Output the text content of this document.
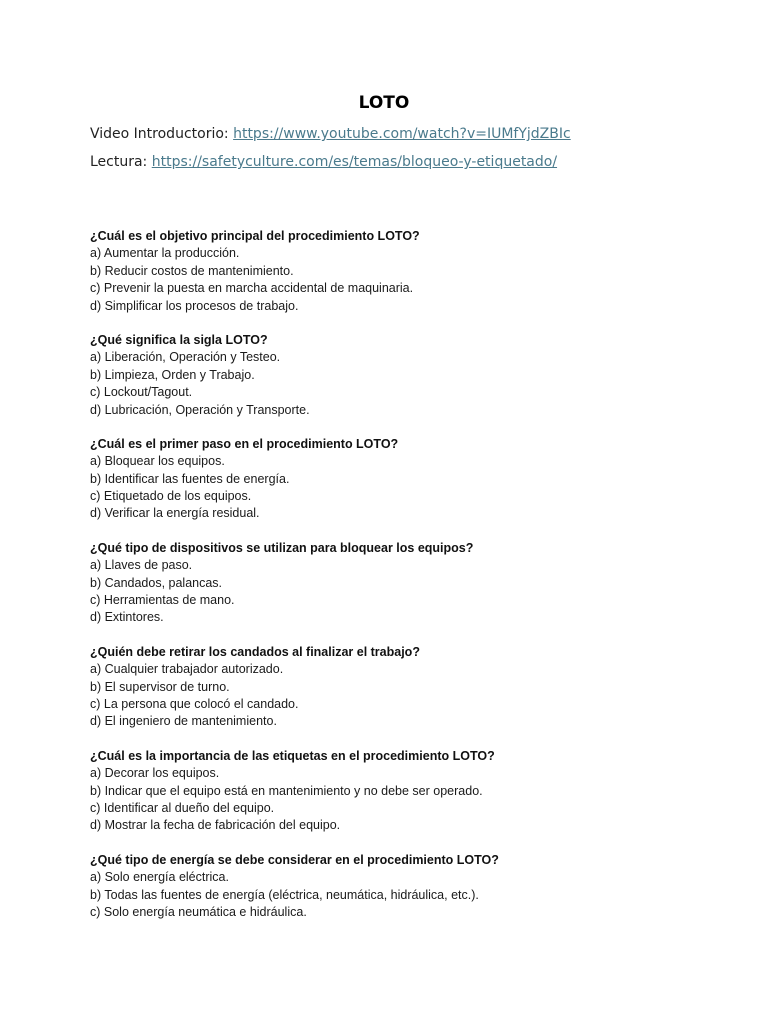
LOTO
Video Introductorio: https://www.youtube.com/watch?v=IUMfYjdZBIc
Lectura: https://safetyculture.com/es/temas/bloqueo-y-etiquetado/
¿Cuál es el objetivo principal del procedimiento LOTO?
a) Aumentar la producción.
b) Reducir costos de mantenimiento.
c) Prevenir la puesta en marcha accidental de maquinaria.
d) Simplificar los procesos de trabajo.
¿Qué significa la sigla LOTO?
a) Liberación, Operación y Testeo.
b) Limpieza, Orden y Trabajo.
c) Lockout/Tagout.
d) Lubricación, Operación y Transporte.
¿Cuál es el primer paso en el procedimiento LOTO?
a) Bloquear los equipos.
b) Identificar las fuentes de energía.
c) Etiquetado de los equipos.
d) Verificar la energía residual.
¿Qué tipo de dispositivos se utilizan para bloquear los equipos?
a) Llaves de paso.
b) Candados, palancas.
c) Herramientas de mano.
d) Extintores.
¿Quién debe retirar los candados al finalizar el trabajo?
a) Cualquier trabajador autorizado.
b) El supervisor de turno.
c) La persona que colocó el candado.
d) El ingeniero de mantenimiento.
¿Cuál es la importancia de las etiquetas en el procedimiento LOTO?
a) Decorar los equipos.
b) Indicar que el equipo está en mantenimiento y no debe ser operado.
c) Identificar al dueño del equipo.
d) Mostrar la fecha de fabricación del equipo.
¿Qué tipo de energía se debe considerar en el procedimiento LOTO?
a) Solo energía eléctrica.
b) Todas las fuentes de energía (eléctrica, neumática, hidráulica, etc.).
c) Solo energía neumática e hidráulica.
